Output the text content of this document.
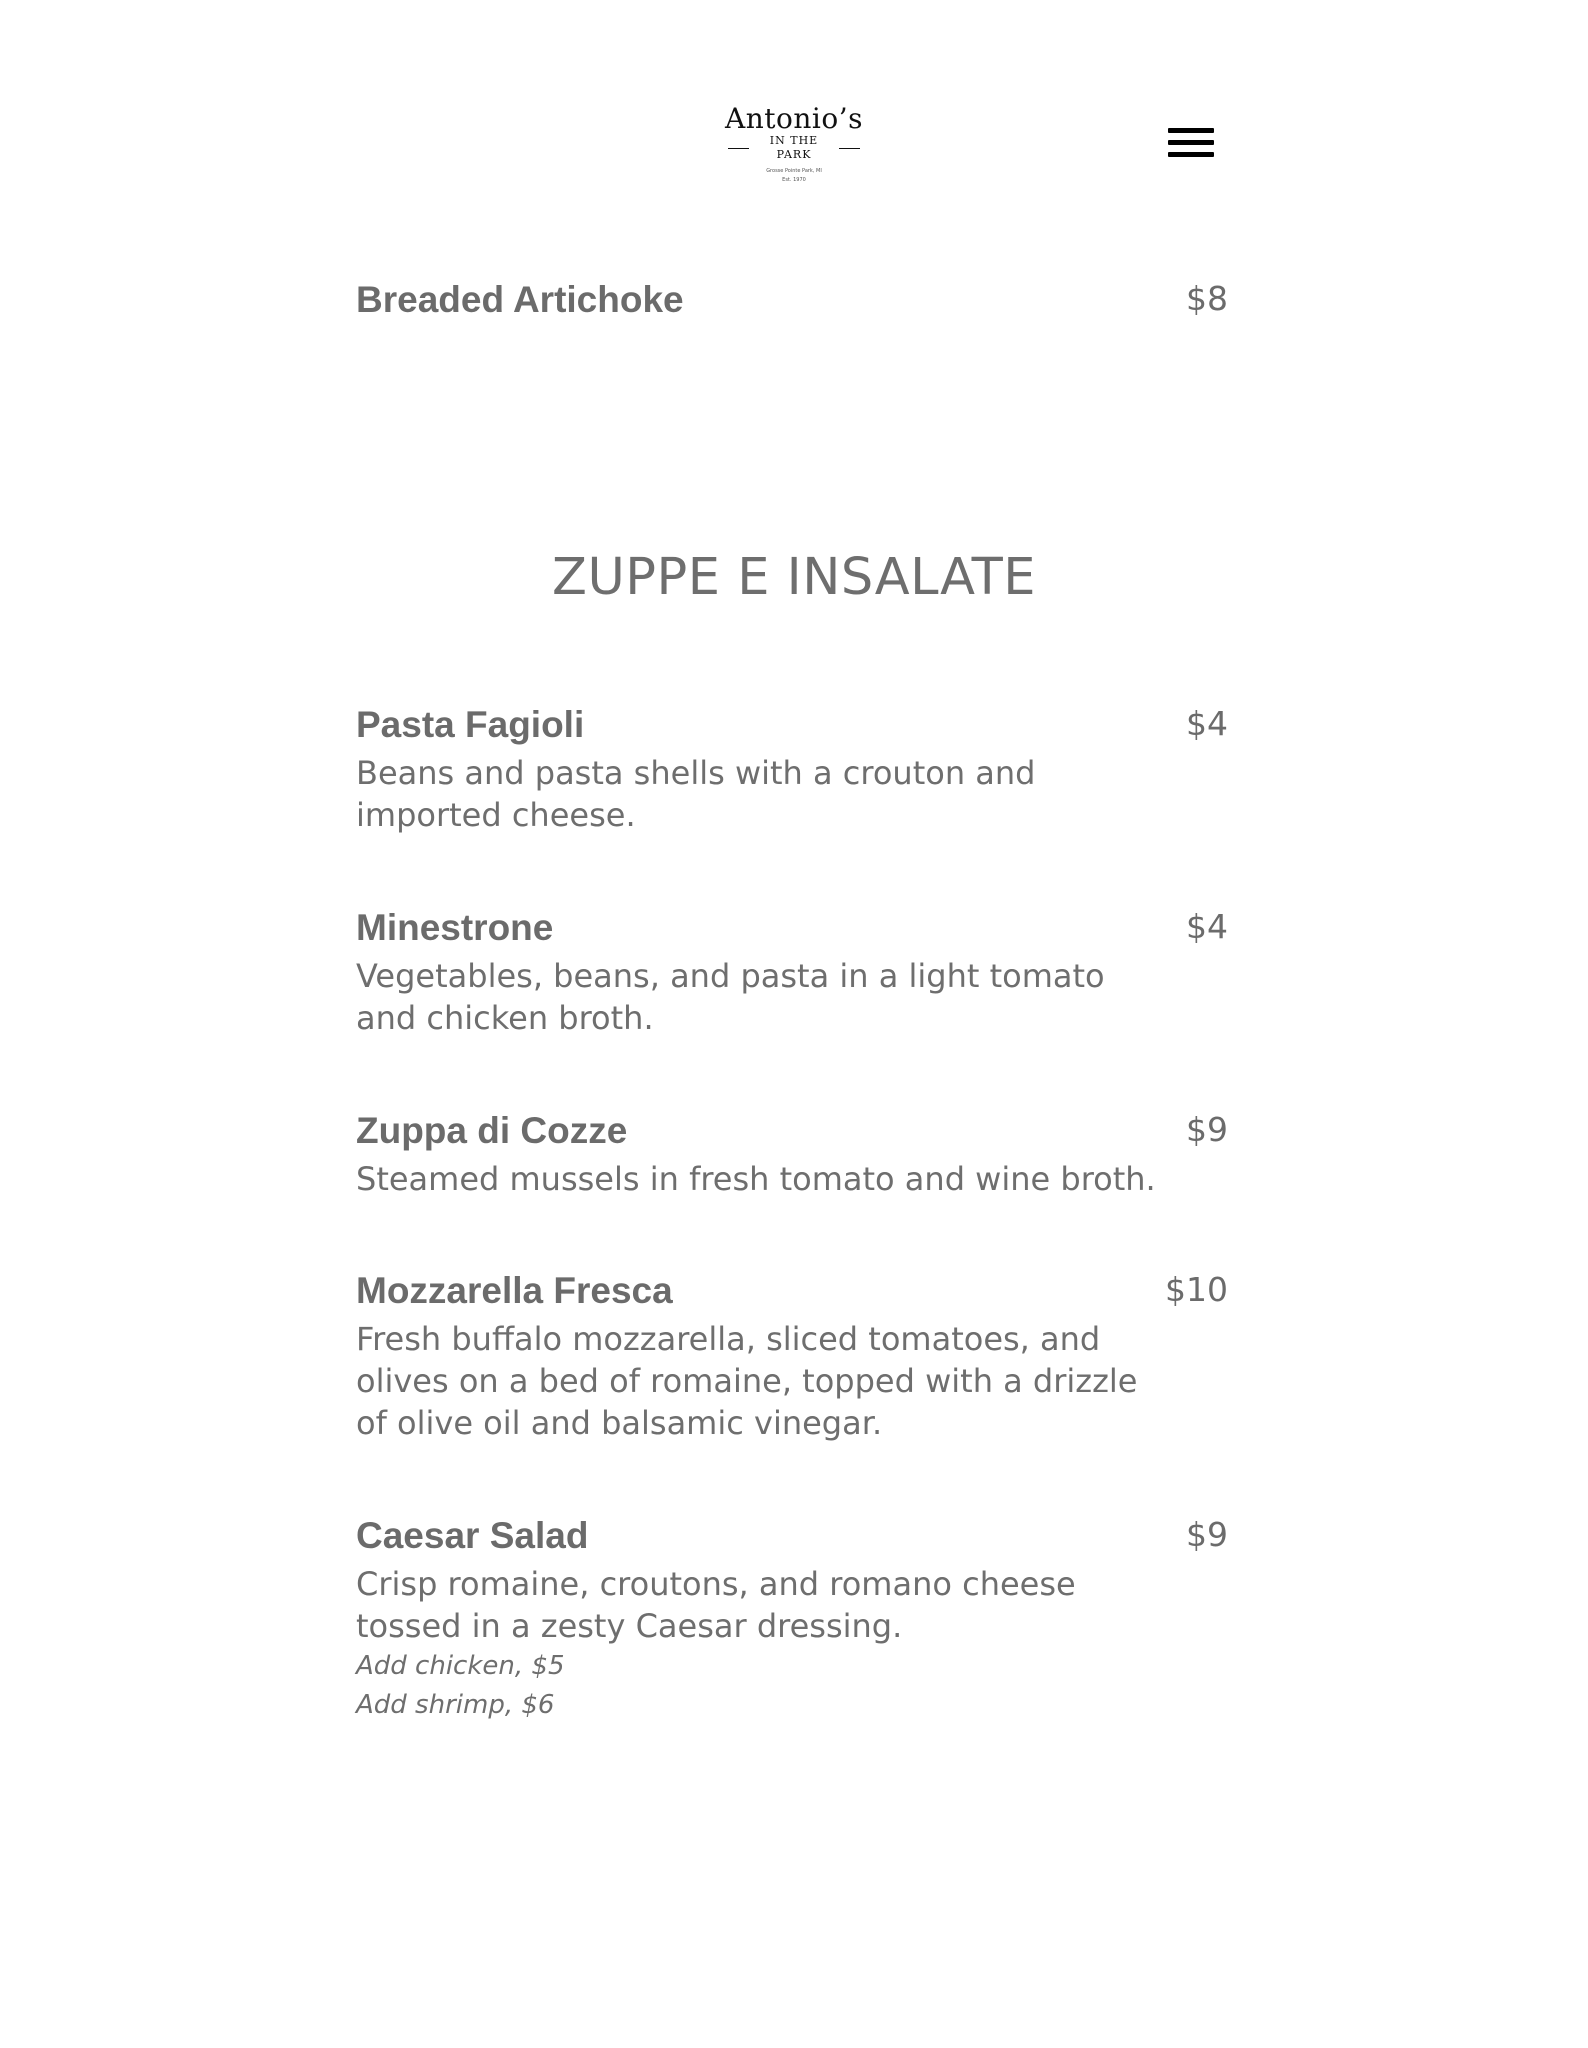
Antonio’s
IN THE PARK
Grosse Pointe Park, MI
Est. 1970
Breaded Artichoke	$8
ZUPPE E INSALATE
Pasta Fagioli	$4
Beans and pasta shells with a crouton and imported cheese.
Minestrone	$4
Vegetables, beans, and pasta in a light tomato and chicken broth.
Zuppa di Cozze	$9
Steamed mussels in fresh tomato and wine broth.
Mozzarella Fresca	$10
Fresh buffalo mozzarella, sliced tomatoes, and olives on a bed of romaine, topped with a drizzle of olive oil and balsamic vinegar.
Caesar Salad	$9
Crisp romaine, croutons, and romano cheese tossed in a zesty Caesar dressing.
Add chicken, $5
Add shrimp, $6
